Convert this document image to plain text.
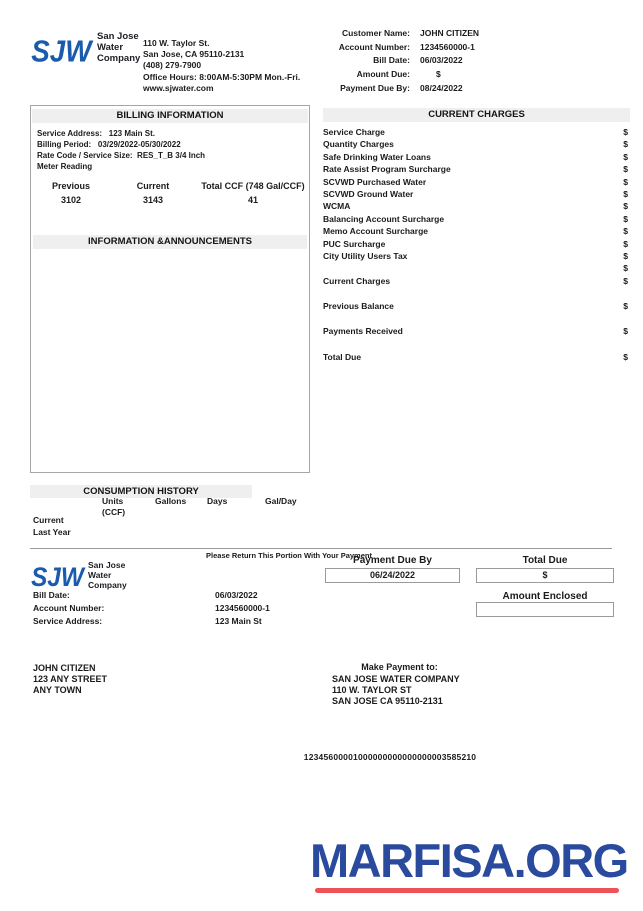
SJW San Jose
Water
Company
110 W. Taylor St.
San Jose, CA 95110-2131
(408) 279-7900
Office Hours: 8:00AM-5:30PM Mon.-Fri.
www.sjwater.com
Customer Name: JOHN CITIZEN
Account Number: 1234560000-1
Bill Date: 06/03/2022
Amount Due:	$
Payment Due By: 08/24/2022
BILLING INFORMATION
Service Address: 123 Main St.
Billing Period: 03/29/2022-05/30/2022
Rate Code / Service Size: RES_T_B 3/4 Inch
Meter Reading
Previous	Current	Total CCF (748 Gal/CCF)
3102	3143	41
INFORMATION &ANNOUNCEMENTS
CURRENT CHARGES
Service Charge	$
Quantity Charges	$
Safe Drinking Water Loans	$
Rate Assist Program Surcharge	$
SCVWD Purchased Water	$
SCVWD Ground Water	$
WCMA	$
Balancing Account Surcharge	$
Memo Account Surcharge	$
PUC Surcharge	$
City Utility Users Tax	$
$
Current Charges	$
Previous Balance	$
Payments Received	$
Total Due	$
CONSUMPTION HISTORY
Units
(CCF)
Gallons Days	Gal/Day
Current
Last Year
Please Return This Portion With Your Payment
SJW San Jose
Water
Company
Payment Due By
06/24/2022
Total Due
$
Bill Date:	06/03/2022
Account Number:	1234560000-1
Service Address:	123 Main St
Amount Enclosed
JOHN CITIZEN
123 ANY STREET
ANY TOWN
Make Payment to:
SAN JOSE WATER COMPANY
110 W. TAYLOR ST
SAN JOSE CA 95110-2131
12345600001000000000000000003585210
MARFISA.ORG
